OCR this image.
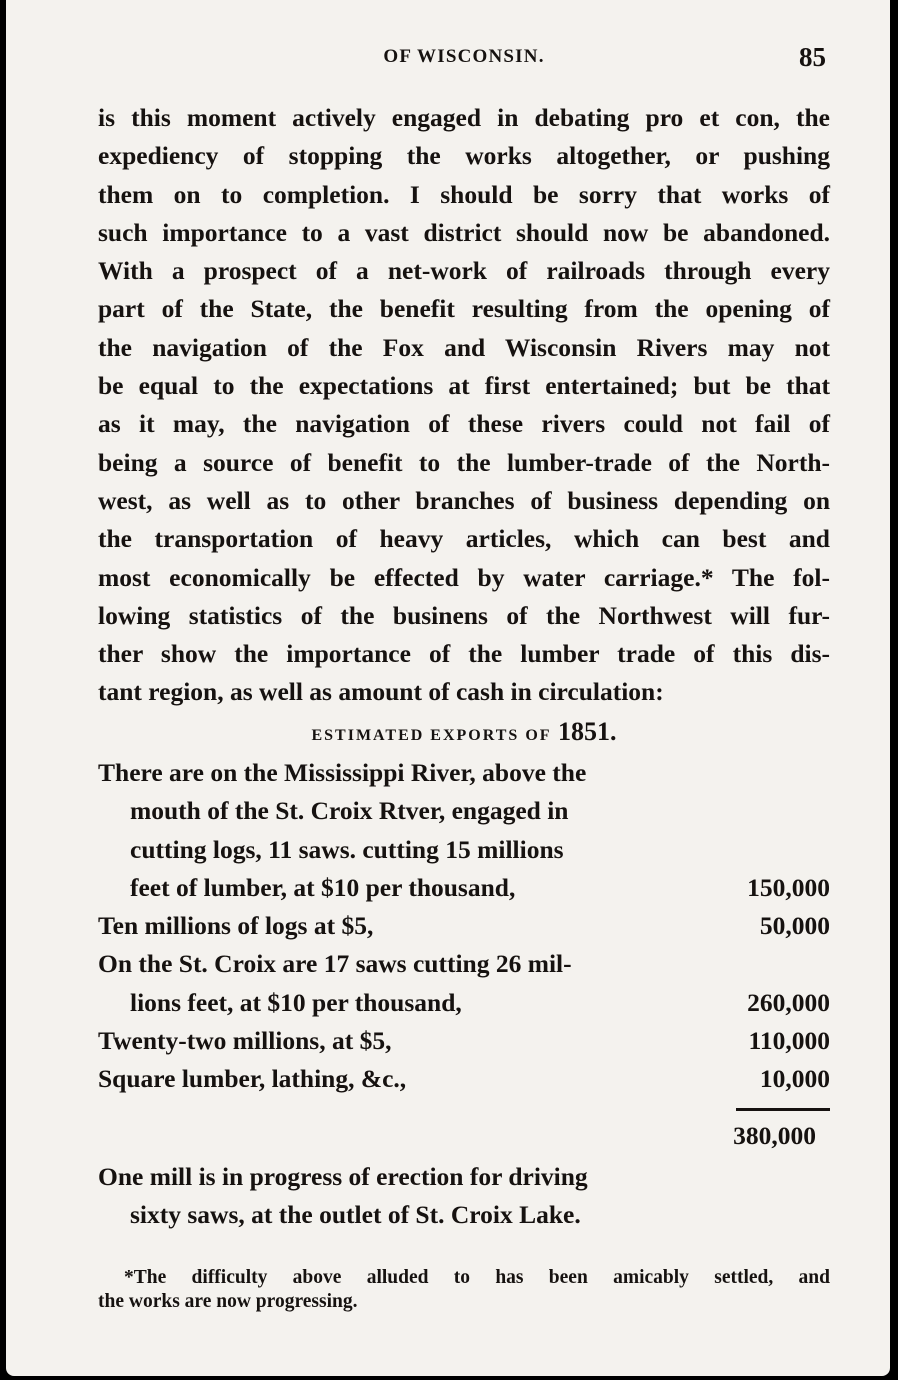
OF WISCONSIN.	85
is this moment actively engaged in debating pro et con, the
expediency of stopping the works altogether, or pushing
them on to completion. I should be sorry that works of
such importance to a vast district should now be abandoned.
With a prospect of a net-work of railroads through every
part of the State, the benefit resulting from the opening of
the navigation of the Fox and Wisconsin Rivers may not
be equal to the expectations at first entertained; but be that
as it may, the navigation of these rivers could not fail of
being a source of benefit to the lumber-trade of the North-
west, as well as to other branches of business depending on
the transportation of heavy articles, which can best and
most economically be effected by water carriage.* The fol-
lowing statistics of the businens of the Northwest will fur-
ther show the importance of the lumber trade of this dis-
tant region, as well as amount of cash in circulation:
ESTIMATED EXPORTS OF 1851.
There are on the Mississippi River, above the
mouth of the St. Croix Rtver, engaged in
cutting logs, 11 saws. cutting 15 millions
feet of lumber, at $10 per thousand,	150,000
Ten millions of logs at $5,	50,000
On the St. Croix are 17 saws cutting 26 mil-
lions feet, at $10 per thousand,	260,000
Twenty-two millions, at $5,	110,000
Square lumber, lathing, &c.,	10,000
380,000
One mill is in progress of erection for driving
sixty saws, at the outlet of St. Croix Lake.
*The difficulty above alluded to has been amicably settled, and
the works are now progressing.
